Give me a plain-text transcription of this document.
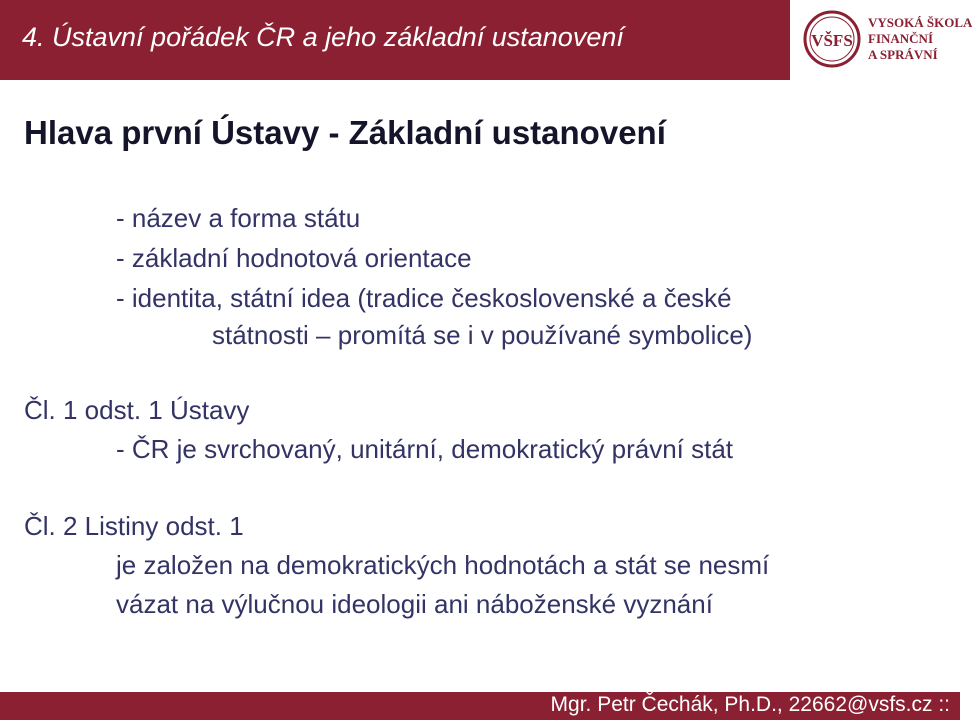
4. Ústavní pořádek ČR a jeho základní ustanovení	VŠFS
VYSOKÁ ŠKOLA
FINANČNÍ
A SPRÁVNÍ
Hlava první Ústavy - Základní ustanovení
- název a forma státu
- základní hodnotová orientace
- identita, státní idea (tradice československé a české
státnosti – promítá se i v používané symbolice)
Čl. 1 odst. 1 Ústavy
- ČR je svrchovaný, unitární, demokratický právní stát
Čl. 2 Listiny odst. 1
je založen na demokratických hodnotách a stát se nesmí
vázat na výlučnou ideologii ani náboženské vyznání
Mgr. Petr Čechák, Ph.D., 22662@vsfs.cz ::
